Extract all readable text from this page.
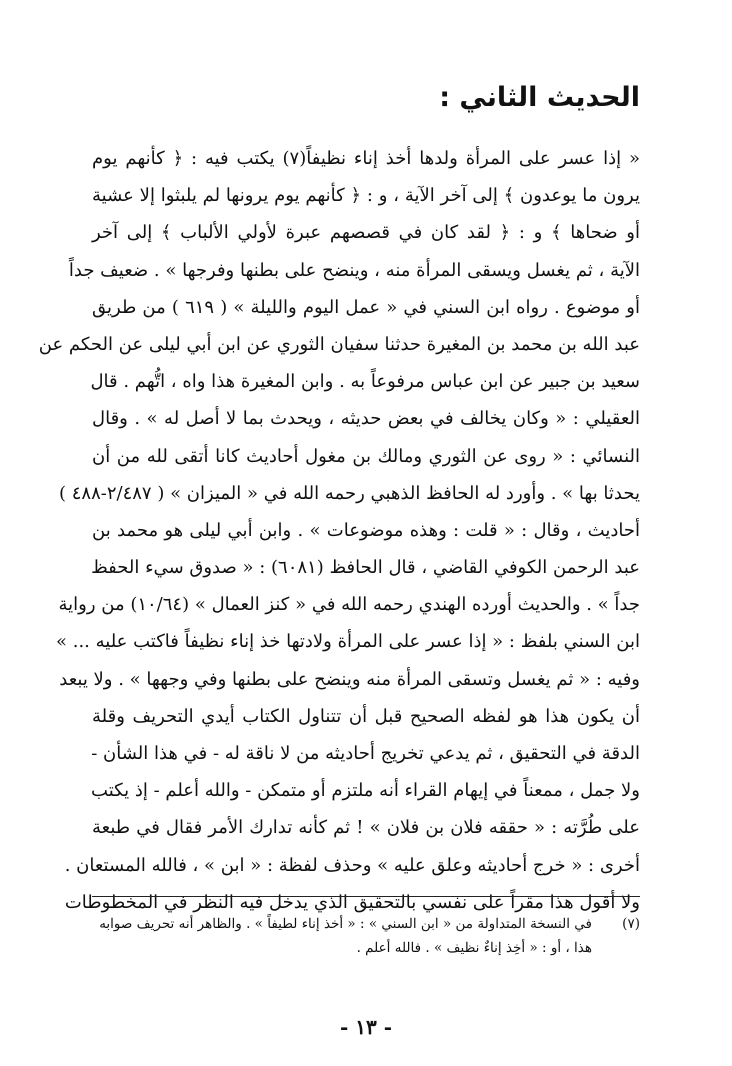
الحديث الثاني :

« إذا عسر على المرأة ولدها أخذ إناء نظيفاً(٧) يكتب فيه : ﴿ كأنهم يوم
يرون ما يوعدون ﴾ إلى آخر الآية ، و : ﴿ كأنهم يوم يرونها لم يلبثوا إلا عشية
أو ضحاها ﴾ و : ﴿ لقد كان في قصصهم عبرة لأولي الألباب ﴾ إلى آخر
الآية ، ثم يغسل ويسقى المرأة منه ، وينضح على بطنها وفرجها » . ضعيف جداً
أو موضوع . رواه ابن السني في « عمل اليوم والليلة » ( ٦١٩ ) من طريق
عبد الله بن محمد بن المغيرة حدثنا سفيان الثوري عن ابن أبي ليلى عن الحكم عن
سعيد بن جبير عن ابن عباس مرفوعاً به . وابن المغيرة هذا واه ، اتُّهم . قال
العقيلي : « وكان يخالف في بعض حديثه ، ويحدث بما لا أصل له » . وقال
النسائي : « روى عن الثوري ومالك بن مغول أحاديث كانا أتقى لله من أن
يحدثا بها » . وأورد له الحافظ الذهبي رحمه الله في « الميزان » ( ٢/٤٨٧-٤٨٨ )
أحاديث ، وقال : « قلت : وهذه موضوعات » . وابن أبي ليلى هو محمد بن
عبد الرحمن الكوفي القاضي ، قال الحافظ (٦٠٨١) : « صدوق سيء الحفظ
جداً » . والحديث أورده الهندي رحمه الله في « كنز العمال » (١٠/٦٤) من رواية
ابن السني بلفظ : « إذا عسر على المرأة ولادتها خذ إناء نظيفاً فاكتب عليه ... »
وفيه : « ثم يغسل وتسقى المرأة منه وينضح على بطنها وفي وجهها » . ولا يبعد
أن يكون هذا هو لفظه الصحيح قبل أن تتناول الكتاب أيدي التحريف وقلة
الدقة في التحقيق ، ثم يدعي تخريج أحاديثه من لا ناقة له - في هذا الشأن -
ولا جمل ، ممعناً في إيهام القراء أنه ملتزم أو متمكن - والله أعلم - إذ يكتب
على طُرَّته : « حققه فلان بن فلان » ! ثم كأنه تدارك الأمر فقال في طبعة
أخرى : « خرج أحاديثه وعلق عليه » وحذف لفظة : « ابن » ، فالله المستعان .
ولا أقول هذا مقراً على نفسي بالتحقيق الذي يدخل فيه النظر في المخطوطات

(٧)في النسخة المتداولة من « ابن السني » : « أخذ إناء لطيفاً » . والظاهر أنه تحريف صوابه
هذا ، أو : « أخِذ إناءٌ نظيف » . فالله أعلم .
- ١٣ -
